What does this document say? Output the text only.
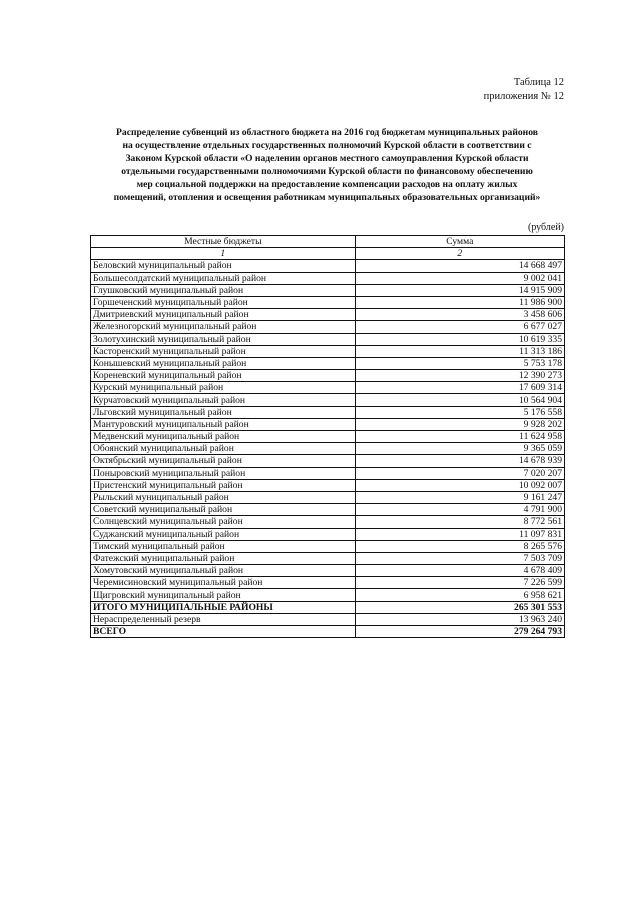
Таблица 12
приложения № 12
Распределение субвенций из областного бюджета на 2016 год бюджетам муниципальных районов
на осуществление отдельных государственных полномочий Курской области в соответствии с
Законом Курской области «О наделении органов местного самоуправления Курской области
отдельными государственными полномочиями Курской области по финансовому обеспечению
мер социальной поддержки на предоставление компенсации расходов на оплату жилых
помещений, отопления и освещения работникам муниципальных образовательных организаций»
(рублей)
Местные бюджеты	Сумма
1	2
Беловский муниципальный район	14 668 497
Большесолдатский муниципальный район	9 002 041
Глушковский муниципальный район	14 915 909
Горшеченский муниципальный район	11 986 900
Дмитриевский муниципальный район	3 458 606
Железногорский муниципальный район	6 677 027
Золотухинский муниципальный район	10 619 335
Касторенский муниципальный район	11 313 186
Конышевский муниципальный район	5 753 178
Кореневский муниципальный район	12 390 273
Курский муниципальный район	17 609 314
Курчатовский муниципальный район	10 564 904
Льговский муниципальный район	5 176 558
Мантуровский муниципальный район	9 928 202
Медвенский муниципальный район	11 624 958
Обоянский муниципальный район	9 365 059
Октябрьский муниципальный район	14 678 939
Поныровский муниципальный район	7 020 207
Пристенский муниципальный район	10 092 007
Рыльский муниципальный район	9 161 247
Советский муниципальный район	4 791 900
Солнцевский муниципальный район	8 772 561
Суджанский муниципальный район	11 097 831
Тимский муниципальный район	8 265 576
Фатежский муниципальный район	7 503 709
Хомутовский муниципальный район	4 678 409
Черемисиновский муниципальный район	7 226 599
Щигровский муниципальный район	6 958 621
ИТОГО МУНИЦИПАЛЬНЫЕ РАЙОНЫ	265 301 553
Нераспределенный резерв	13 963 240
ВСЕГО	279 264 793
